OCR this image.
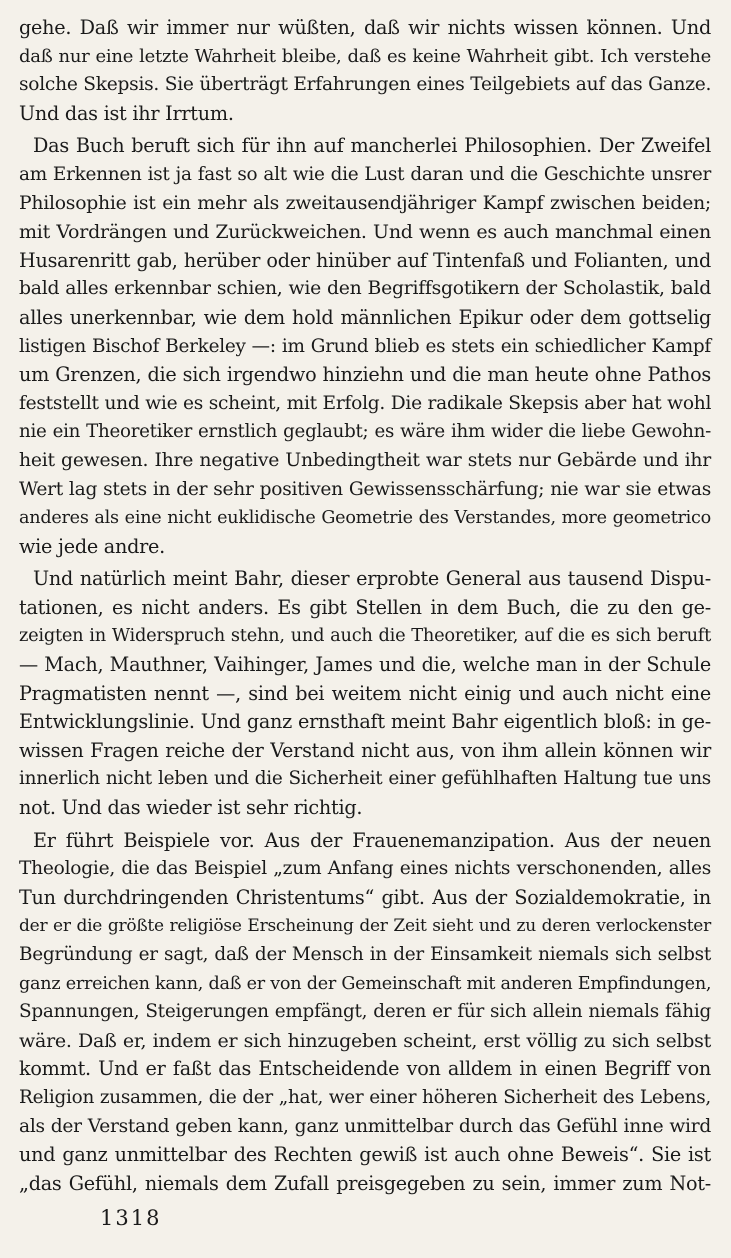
gehe. Daß wir immer nur wüßten, daß wir nichts wissen können. Und
daß nur eine letzte Wahrheit bleibe, daß es keine Wahrheit gibt. Ich verstehe
solche Skepsis. Sie überträgt Erfahrungen eines Teilgebiets auf das Ganze.
Und das ist ihr Irrtum.

Das Buch beruft sich für ihn auf mancherlei Philosophien. Der Zweifel
am Erkennen ist ja fast so alt wie die Lust daran und die Geschichte unsrer
Philosophie ist ein mehr als zweitausendjähriger Kampf zwischen beiden;
mit Vordrängen und Zurückweichen. Und wenn es auch manchmal einen
Husarenritt gab, herüber oder hinüber auf Tintenfaß und Folianten, und
bald alles erkennbar schien, wie den Begriffsgotikern der Scholastik, bald
alles unerkennbar, wie dem hold männlichen Epikur oder dem gottselig
listigen Bischof Berkeley —: im Grund blieb es stets ein schiedlicher Kampf
um Grenzen, die sich irgendwo hinziehn und die man heute ohne Pathos
feststellt und wie es scheint, mit Erfolg. Die radikale Skepsis aber hat wohl
nie ein Theoretiker ernstlich geglaubt; es wäre ihm wider die liebe Gewohn-
heit gewesen. Ihre negative Unbedingtheit war stets nur Gebärde und ihr
Wert lag stets in der sehr positiven Gewissensschärfung; nie war sie etwas
anderes als eine nicht euklidische Geometrie des Verstandes, more geometrico
wie jede andre.

Und natürlich meint Bahr, dieser erprobte General aus tausend Dispu-
tationen, es nicht anders. Es gibt Stellen in dem Buch, die zu den ge-
zeigten in Widerspruch stehn, und auch die Theoretiker, auf die es sich beruft
— Mach, Mauthner, Vaihinger, James und die, welche man in der Schule
Pragmatisten nennt —, sind bei weitem nicht einig und auch nicht eine
Entwicklungslinie. Und ganz ernsthaft meint Bahr eigentlich bloß: in ge-
wissen Fragen reiche der Verstand nicht aus, von ihm allein können wir
innerlich nicht leben und die Sicherheit einer gefühlhaften Haltung tue uns
not. Und das wieder ist sehr richtig.

Er führt Beispiele vor. Aus der Frauenemanzipation. Aus der neuen
Theologie, die das Beispiel „zum Anfang eines nichts verschonenden, alles
Tun durchdringenden Christentums“ gibt. Aus der Sozialdemokratie, in
der er die größte religiöse Erscheinung der Zeit sieht und zu deren verlockenster
Begründung er sagt, daß der Mensch in der Einsamkeit niemals sich selbst
ganz erreichen kann, daß er von der Gemeinschaft mit anderen Empfindungen,
Spannungen, Steigerungen empfängt, deren er für sich allein niemals fähig
wäre. Daß er, indem er sich hinzugeben scheint, erst völlig zu sich selbst
kommt. Und er faßt das Entscheidende von alldem in einen Begriff von
Religion zusammen, die der „hat, wer einer höheren Sicherheit des Lebens,
als der Verstand geben kann, ganz unmittelbar durch das Gefühl inne wird
und ganz unmittelbar des Rechten gewiß ist auch ohne Beweis“. Sie ist
„das Gefühl, niemals dem Zufall preisgegeben zu sein, immer zum Not-

1318
